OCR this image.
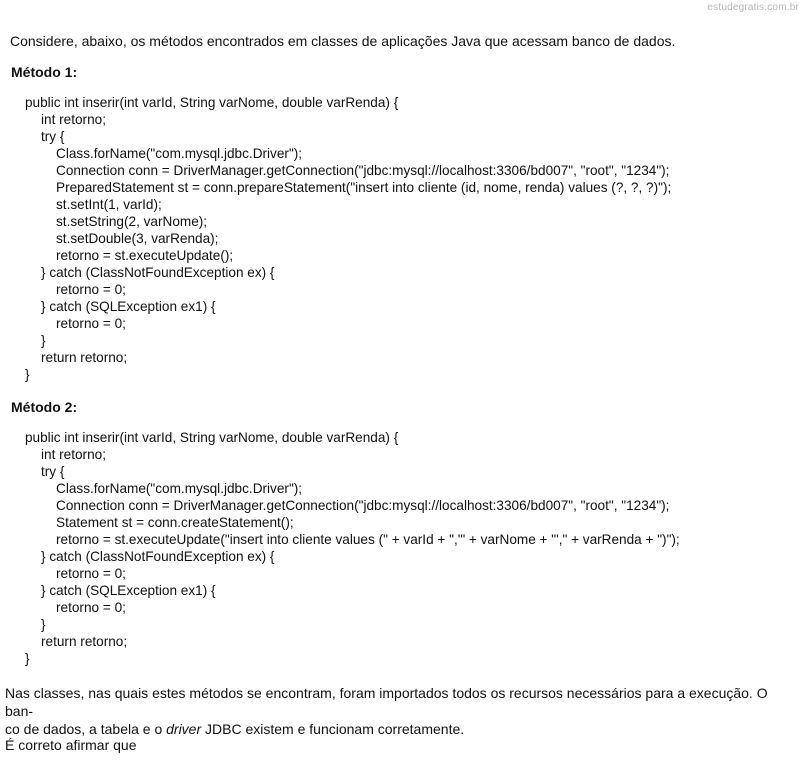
estudegratis.com.br
Considere, abaixo, os métodos encontrados em classes de aplicações Java que acessam banco de dados.
Método 1:
public int inserir(int varId, String varNome, double varRenda) {
int retorno;
try {
Class.forName("com.mysql.jdbc.Driver");
Connection conn = DriverManager.getConnection("jdbc:mysql://localhost:3306/bd007", "root", "1234");
PreparedStatement st = conn.prepareStatement("insert into cliente (id, nome, renda) values (?, ?, ?)");
st.setInt(1, varId);
st.setString(2, varNome);
st.setDouble(3, varRenda);
retorno = st.executeUpdate();
} catch (ClassNotFoundException ex) {
retorno = 0;
} catch (SQLException ex1) {
retorno = 0;
}
return retorno;
}
Método 2:
public int inserir(int varId, String varNome, double varRenda) {
int retorno;
try {
Class.forName("com.mysql.jdbc.Driver");
Connection conn = DriverManager.getConnection("jdbc:mysql://localhost:3306/bd007", "root", "1234");
Statement st = conn.createStatement();
retorno = st.executeUpdate("insert into cliente values (" + varId + ",'" + varNome + "'," + varRenda + ")");
} catch (ClassNotFoundException ex) {
retorno = 0;
} catch (SQLException ex1) {
retorno = 0;
}
return retorno;
}

Nas classes, nas quais estes métodos se encontram, foram importados todos os recursos necessários para a execução. O ban-

co de dados, a tabela e o driver JDBC existem e funcionam corretamente.

É correto afirmar que
